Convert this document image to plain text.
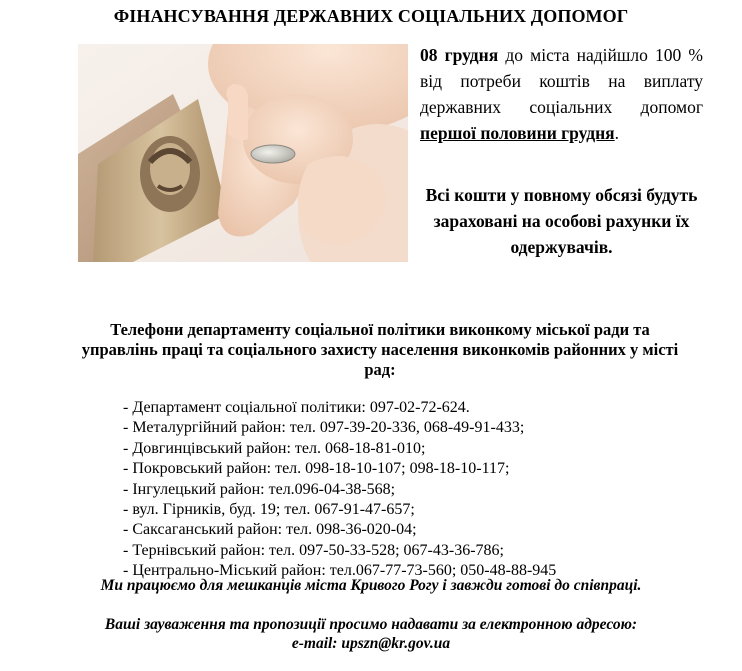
ФІНАНСУВАННЯ ДЕРЖАВНИХ СОЦІАЛЬНИХ ДОПОМОГ
08 грудня до міста надійшло 100 % від потреби коштів на виплату державних соціальних допомог першої половини грудня.
Всі кошти у повному обсязі будуть зараховані на особові рахунки їх одержувачів.
Телефони департаменту соціальної політики виконкому міської ради та управлінь праці та соціального захисту населення виконкомів районних у місті рад:
- Департамент соціальної політики: 097-02-72-624.
- Металургійний район: тел. 097-39-20-336, 068-49-91-433;
- Довгинцівський район: тел. 068-18-81-010;
- Покровський район: тел. 098-18-10-107; 098-18-10-117;
- Інгулецький район: тел.096-04-38-568;
- вул. Гірників, буд. 19; тел. 067-91-47-657;
- Саксаганський район: тел. 098-36-020-04;
- Тернівський район: тел. 097-50-33-528; 067-43-36-786;
- Центрально-Міський район: тел.067-77-73-560; 050-48-88-945
Ми працюємо для мешканців міста Кривого Рогу і завжди готові до співпраці.
Ваші зауваження та пропозиції просимо надавати за електронною адресою:
e-mail: upszn@kr.gov.ua
